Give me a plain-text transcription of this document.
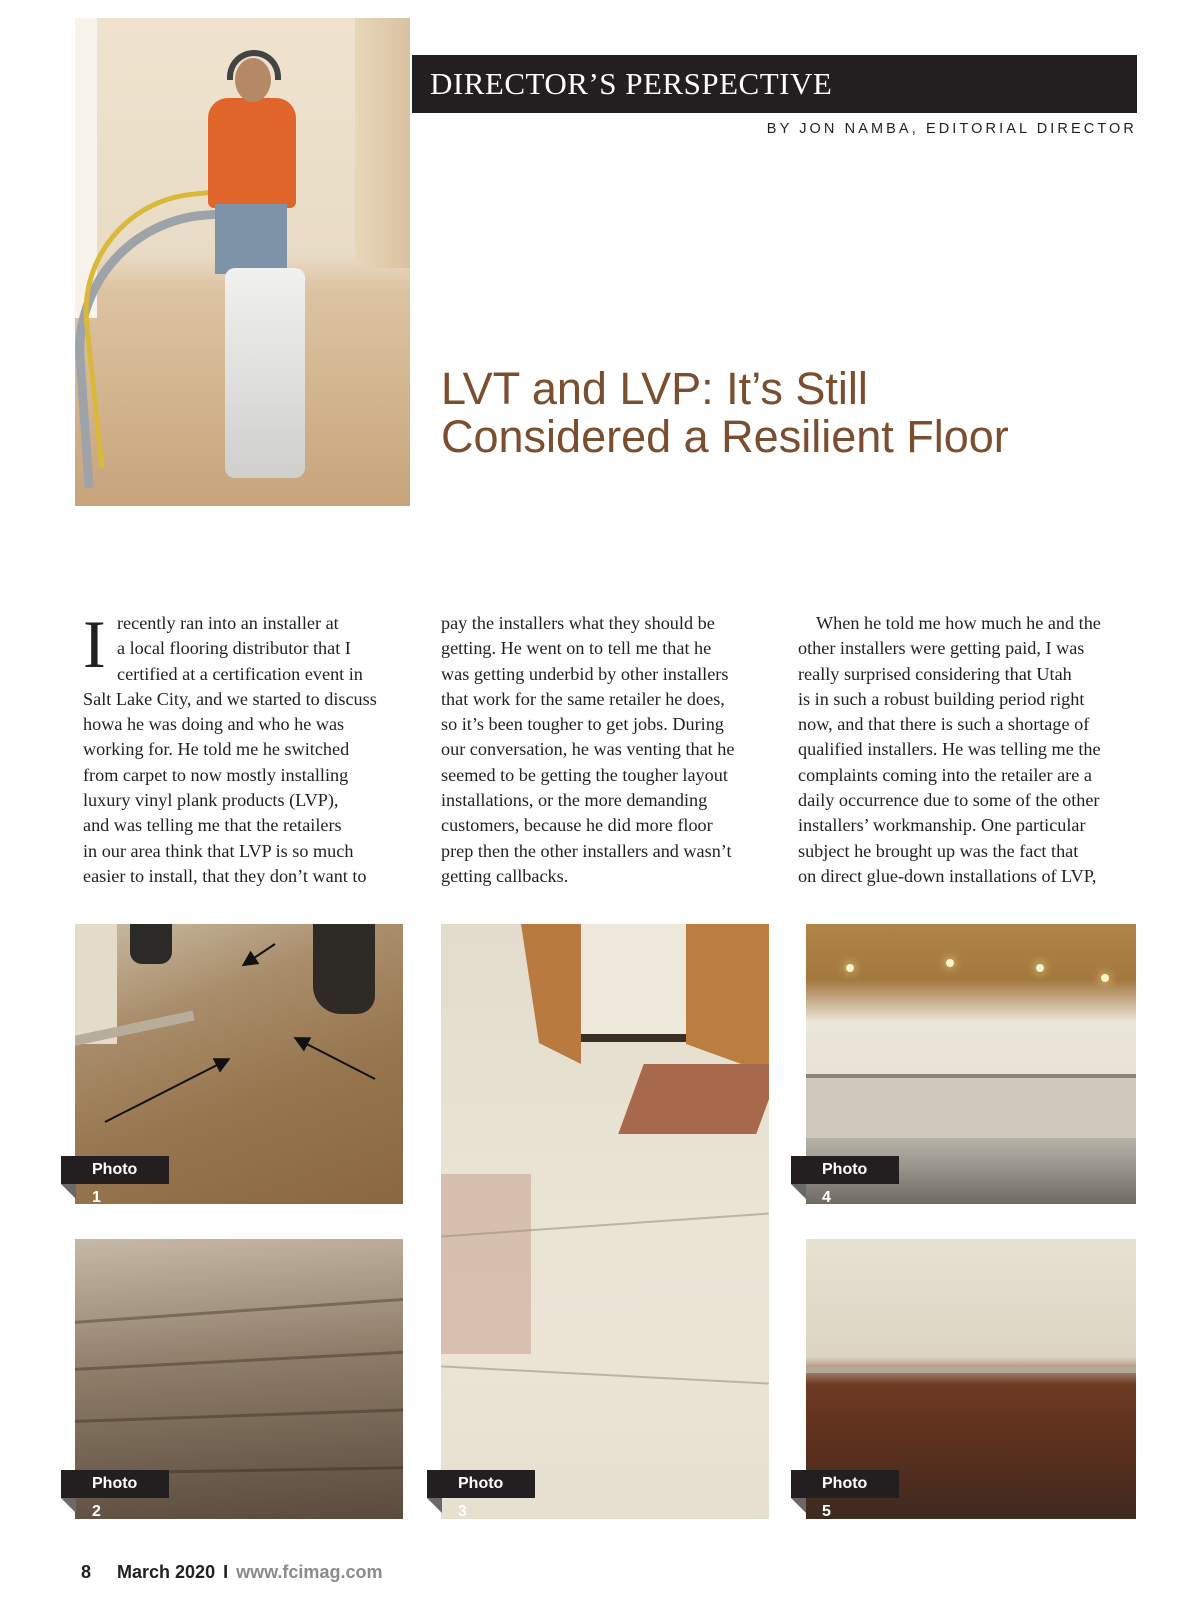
DIRECTOR’S PERSPECTIVE
BY JON NAMBA, EDITORIAL DIRECTOR
LVT and LVP: It’s Still
Considered a Resilient Floor
I recently ran into an installer at

a local flooring distributor that I

certified at a certification event in

Salt Lake City, and we started to discuss

howa he was doing and who he was

working for. He told me he switched

from carpet to now mostly installing

luxury vinyl plank products (LVP),

and was telling me that the retailers

in our area think that LVP is so much

easier to install, that they don’t want to

pay the installers what they should be

getting. He went on to tell me that he

was getting underbid by other installers

that work for the same retailer he does,

so it’s been tougher to get jobs. During

our conversation, he was venting that he

seemed to be getting the tougher layout

installations, or the more demanding

customers, because he did more floor

prep then the other installers and wasn’t

getting callbacks.

When he told me how much he and the

other installers were getting paid, I was

really surprised considering that Utah

is in such a robust building period right

now, and that there is such a shortage of

qualified installers. He was telling me the

complaints coming into the retailer are a

daily occurrence due to some of the other

installers’ workmanship. One particular

subject he brought up was the fact that

on direct glue-down installations of LVP,

Photo 1
Photo 2
Photo 3
Photo 4
Photo 5
8 March 2020 I www.fcimag.com
